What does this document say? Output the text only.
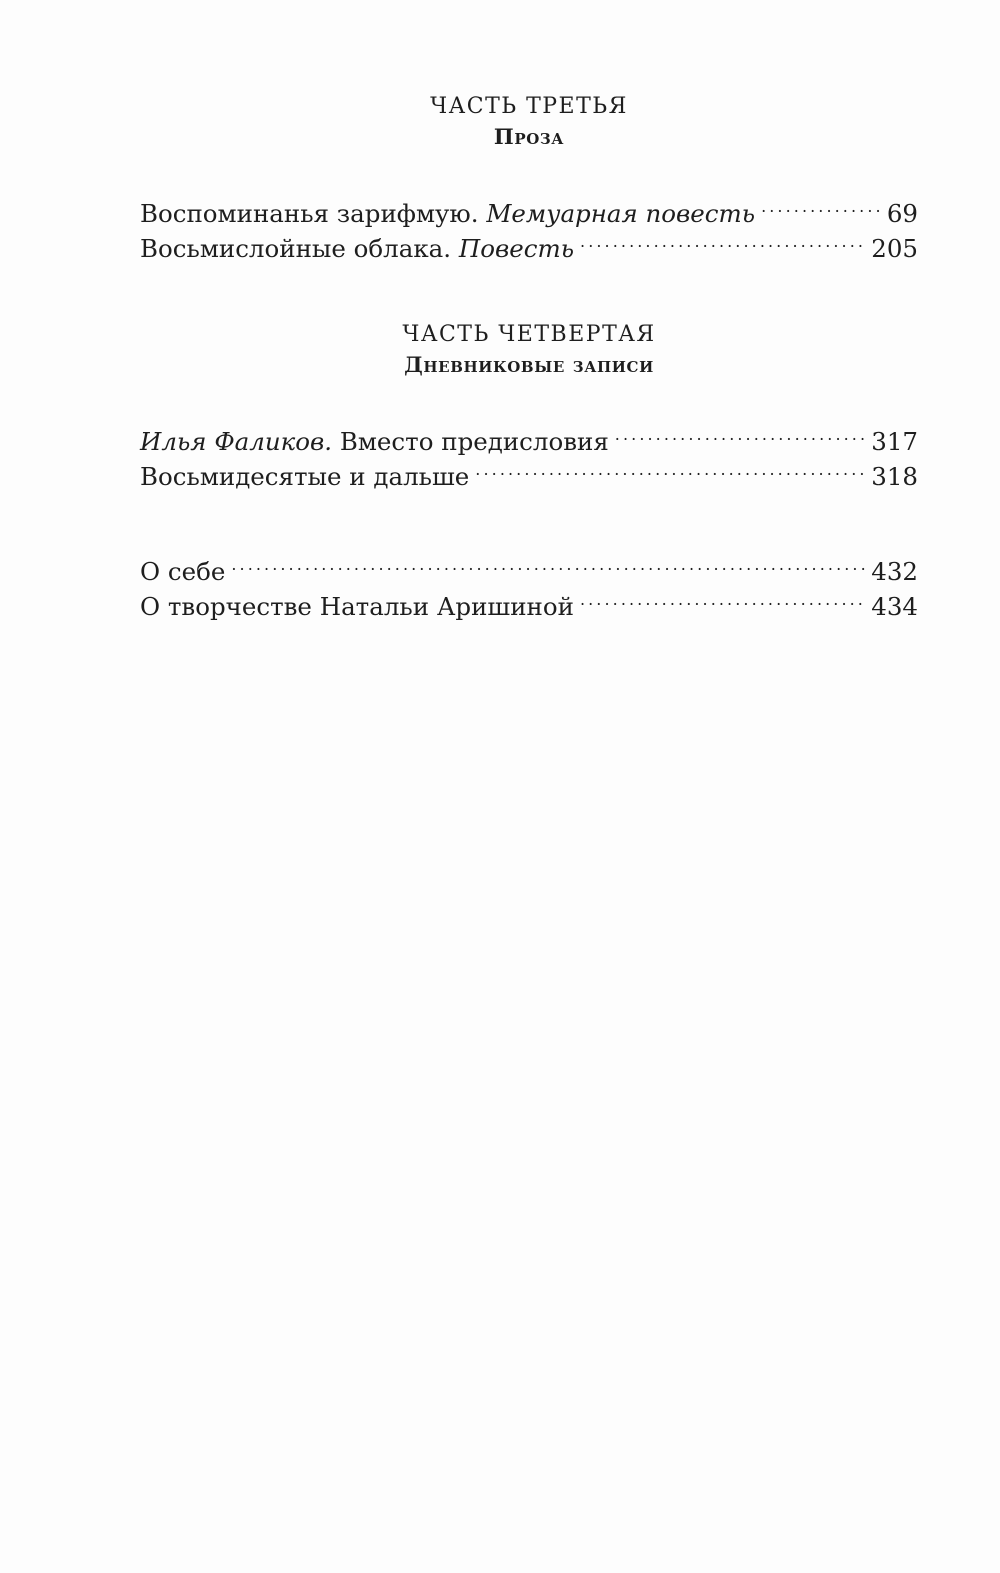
ЧАСТЬ ТРЕТЬЯ
Проза
Воспоминанья зарифмую. Мемуарная повесть . . .	69
Восьмислойные облака. Повесть . . .	205
ЧАСТЬ ЧЕТВЕРТАЯ
Дневниковые записи
Илья Фаликов. Вместо предисловия . . .	317
Восьмидесятые и дальше . . .	318
О себе . . .	432
О творчестве Натальи Аришиной . . .	434
